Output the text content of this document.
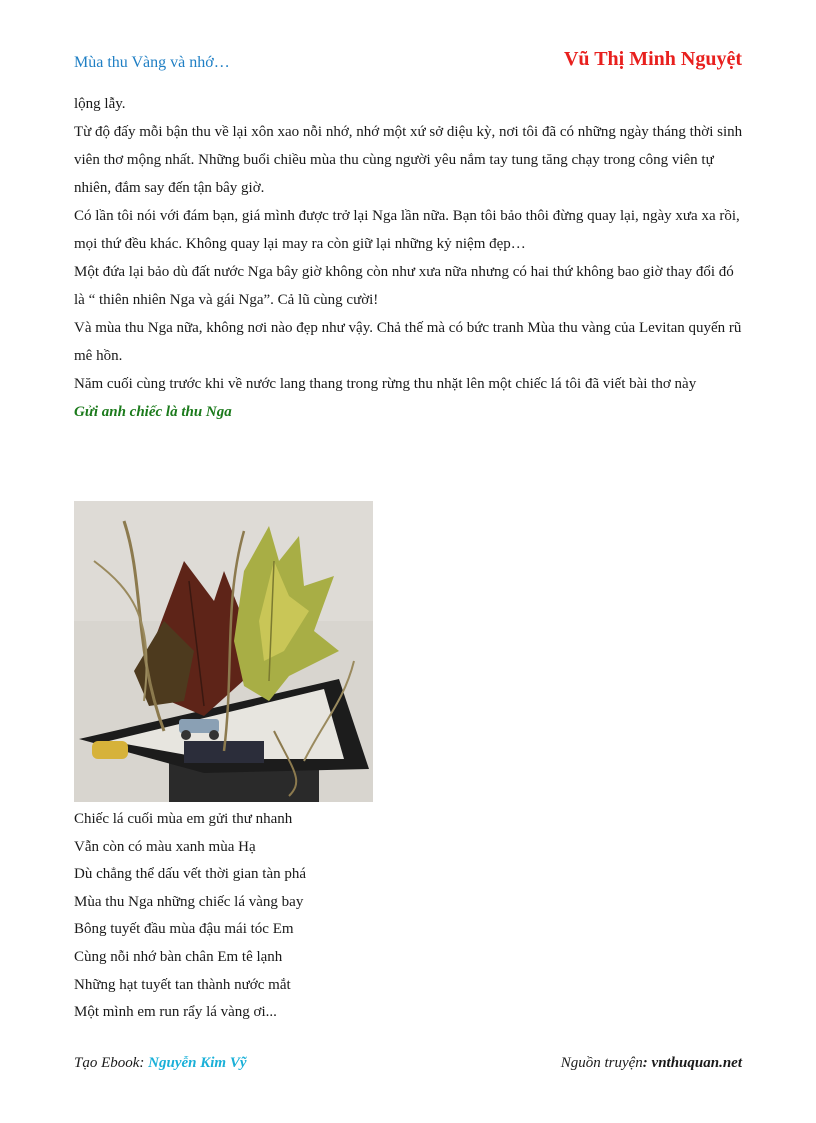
Mùa thu Vàng và nhớ…	Vũ Thị Minh Nguyệt

lộng lẫy.

Từ độ đấy mỗi bận thu về lại xôn xao nỗi nhớ, nhớ một xứ sở diệu kỳ, nơi tôi đã có những ngày tháng thời sinh viên thơ mộng nhất. Những buổi chiều mùa thu cùng người yêu nắm tay tung tăng chạy trong công viên tự nhiên, đắm say đến tận bây giờ.

Có lần tôi nói với đám bạn, giá mình được trở lại Nga lần nữa. Bạn tôi bảo thôi đừng quay lại, ngày xưa xa rồi, mọi thứ đều khác. Không quay lại may ra còn giữ lại những kỷ niệm đẹp…

Một đứa lại bảo dù đất nước Nga bây giờ không còn như xưa nữa nhưng có hai thứ không bao giờ thay đổi đó là “ thiên nhiên Nga và gái Nga”. Cả lũ cùng cười!

Và mùa thu Nga nữa, không nơi nào đẹp như vậy. Chả thế mà có bức tranh Mùa thu vàng của Levitan quyến rũ mê hồn.

Năm cuối cùng trước khi về nước lang thang trong rừng thu nhặt lên một chiếc lá tôi đã viết bài thơ này

Gửi anh chiếc là thu Nga

Chiếc lá cuối mùa em gửi thư nhanh

Vẫn còn có màu xanh mùa Hạ

Dù chẳng thể dấu vết thời gian tàn phá

Mùa thu Nga những chiếc lá vàng bay

Bông tuyết đầu mùa đậu mái tóc Em

Cùng nỗi nhớ bàn chân Em tê lạnh

Những hạt tuyết tan thành nước mắt

Một mình em run rẩy lá vàng ơi...

Tạo Ebook: Nguyễn Kim Vỹ	Nguồn truyện: vnthuquan.net
